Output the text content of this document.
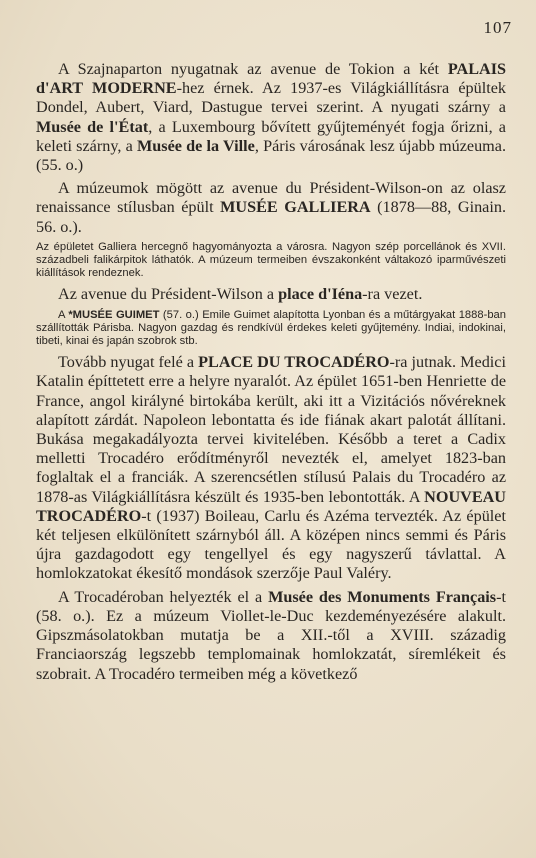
107

A Szajnaparton nyugatnak az avenue de Tokion a két PALAIS d'ART MODERNE-hez érnek. Az 1937-es Világkiállításra épültek Dondel, Aubert, Viard, Dastugue tervei szerint. A nyugati szárny a Musée de l'État, a Luxembourg bővített gyűjteményét fogja őrizni, a keleti szárny, a Musée de la Ville, Páris városának lesz újabb múzeuma. (55. o.)

A múzeumok mögött az avenue du Président-Wilson-on az olasz renaissance stílusban épült MUSÉE GALLIERA (1878—88, Ginain. 56. o.).

Az épületet Galliera hercegnő hagyományozta a városra. Nagyon szép porcellánok és XVII. századbeli falikárpitok láthatók. A múzeum termeiben évszakonként váltakozó iparművészeti kiállítások rendeznek.

Az avenue du Président-Wilson a place d'Iéna-ra vezet.

A *MUSÉE GUIMET (57. o.) Emile Guimet alapította Lyonban és a műtárgyakat 1888-ban szállították Párisba. Nagyon gazdag és rendkívül érdekes keleti gyűjtemény. Indiai, indokinai, tibeti, kinai és japán szobrok stb.

Tovább nyugat felé a PLACE DU TROCADÉRO-ra jutnak. Medici Katalin építtetett erre a helyre nyaralót. Az épület 1651-ben Henriette de France, angol királyné birtokába került, aki itt a Vizitációs nővéreknek alapított zárdát. Napoleon lebontatta és ide fiának akart palotát állítani. Bukása megakadályozta tervei kivitelében. Később a teret a Cadix melletti Trocadéro erődítményről nevezték el, amelyet 1823-ban foglaltak el a franciák. A szerencsétlen stílusú Palais du Trocadéro az 1878-as Világkiállításra készült és 1935-ben lebontották. A NOUVEAU TROCADÉRO-t (1937) Boileau, Carlu és Azéma tervezték. Az épület két teljesen elkülönített szárnyból áll. A középen nincs semmi és Páris újra gazdagodott egy tengellyel és egy nagyszerű távlattal. A homlokzatokat ékesítő mondások szerzője Paul Valéry.

A Trocadéroban helyezték el a Musée des Monuments Français-t (58. o.). Ez a múzeum Viollet-le-Duc kezdeményezésére alakult. Gipszmásolatokban mutatja be a XII.-től a XVIII. századig Franciaország legszebb templomainak homlokzatát, síremlékeit és szobrait. A Trocadéro termeiben még a következő
